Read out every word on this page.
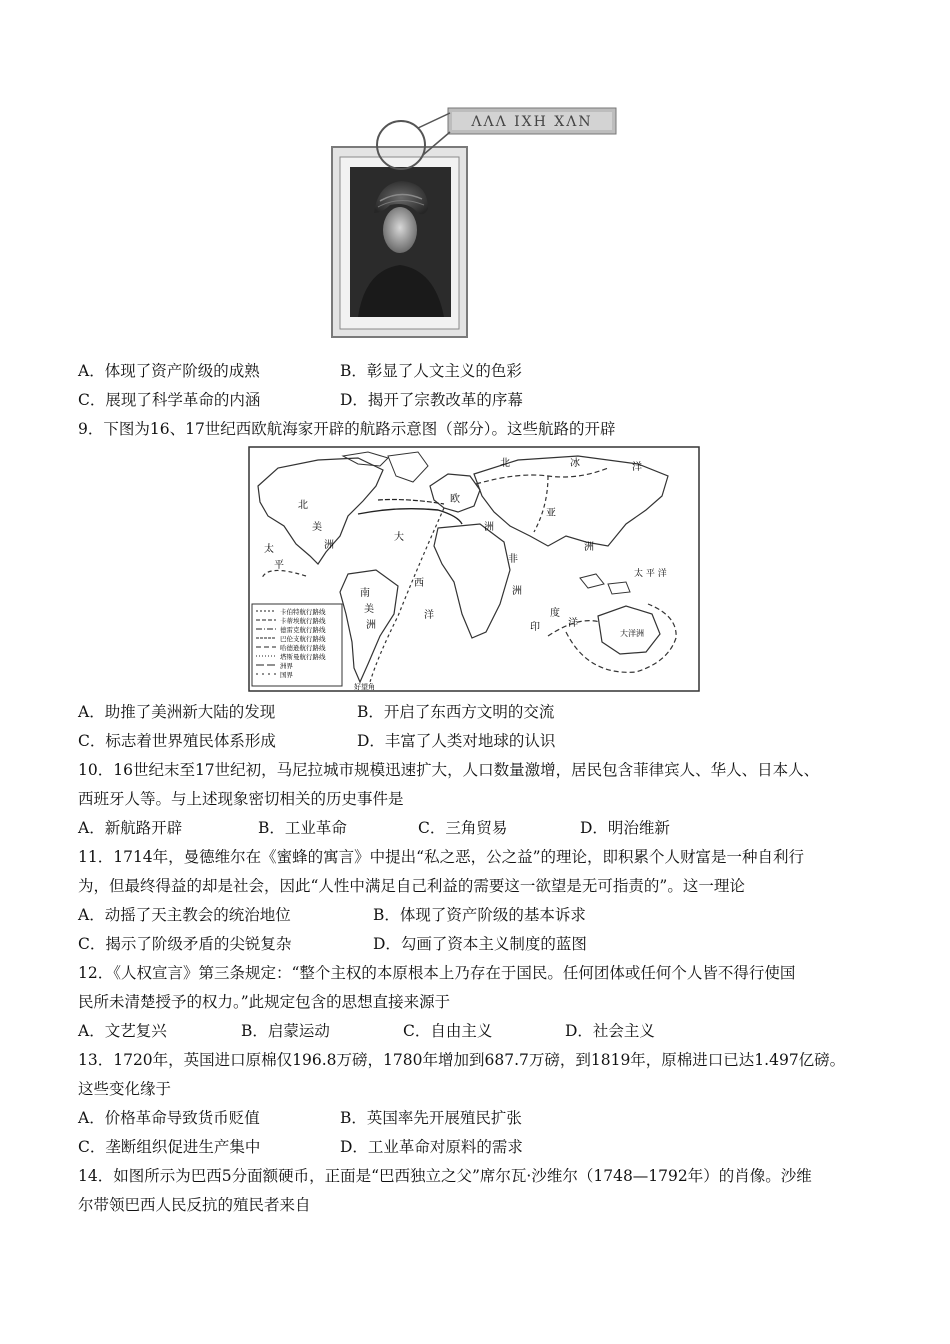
ΛΛΛ ΙΧΗ ΧΛΝ
A．体现了资产阶级的成熟	B．彰显了人文主义的色彩
C．展现了科学革命的内涵	D．揭开了宗教改革的序幕
9．下图为16、17世纪西欧航海家开辟的航路示意图（部分）。这些航路的开辟
卡伯特航行路线
卡蒂埃航行路线
德雷克航行路线
巴伦支航行路线
哈德逊航行路线
塔斯曼航行路线
洲界
国界
北
美
洲
太
平
大
西
洋
南
美
洲
欧
洲
亚
洲
非
洲
北	冰	洋
印
度
洋
太 平 洋
大洋洲
好望角
A．助推了美洲新大陆的发现	B．开启了东西方文明的交流
C．标志着世界殖民体系形成	D．丰富了人类对地球的认识
10．16世纪末至17世纪初，马尼拉城市规模迅速扩大，人口数量激增，居民包含菲律宾人、华人、日本人、
西班牙人等。与上述现象密切相关的历史事件是
A．新航路开辟	B．工业革命	C．三角贸易	D．明治维新
11．1714年，曼德维尔在《蜜蜂的寓言》中提出“私之恶，公之益”的理论，即积累个人财富是一种自利行
为，但最终得益的却是社会，因此“人性中满足自己利益的需要这一欲望是无可指责的”。这一理论
A．动摇了天主教会的统治地位	B．体现了资产阶级的基本诉求
C．揭示了阶级矛盾的尖锐复杂	D．勾画了资本主义制度的蓝图
12．《人权宣言》第三条规定：“整个主权的本原根本上乃存在于国民。任何团体或任何个人皆不得行使国
民所未清楚授予的权力。”此规定包含的思想直接来源于
A．文艺复兴	B．启蒙运动	C．自由主义	D．社会主义
13．1720年，英国进口原棉仅196.8万磅，1780年增加到687.7万磅，到1819年，原棉进口已达1.497亿磅。
这些变化缘于
A．价格革命导致货币贬值	B．英国率先开展殖民扩张
C．垄断组织促进生产集中	D．工业革命对原料的需求
14．如图所示为巴西5分面额硬币，正面是“巴西独立之父”席尔瓦·沙维尔（1748—1792年）的肖像。沙维
尔带领巴西人民反抗的殖民者来自
